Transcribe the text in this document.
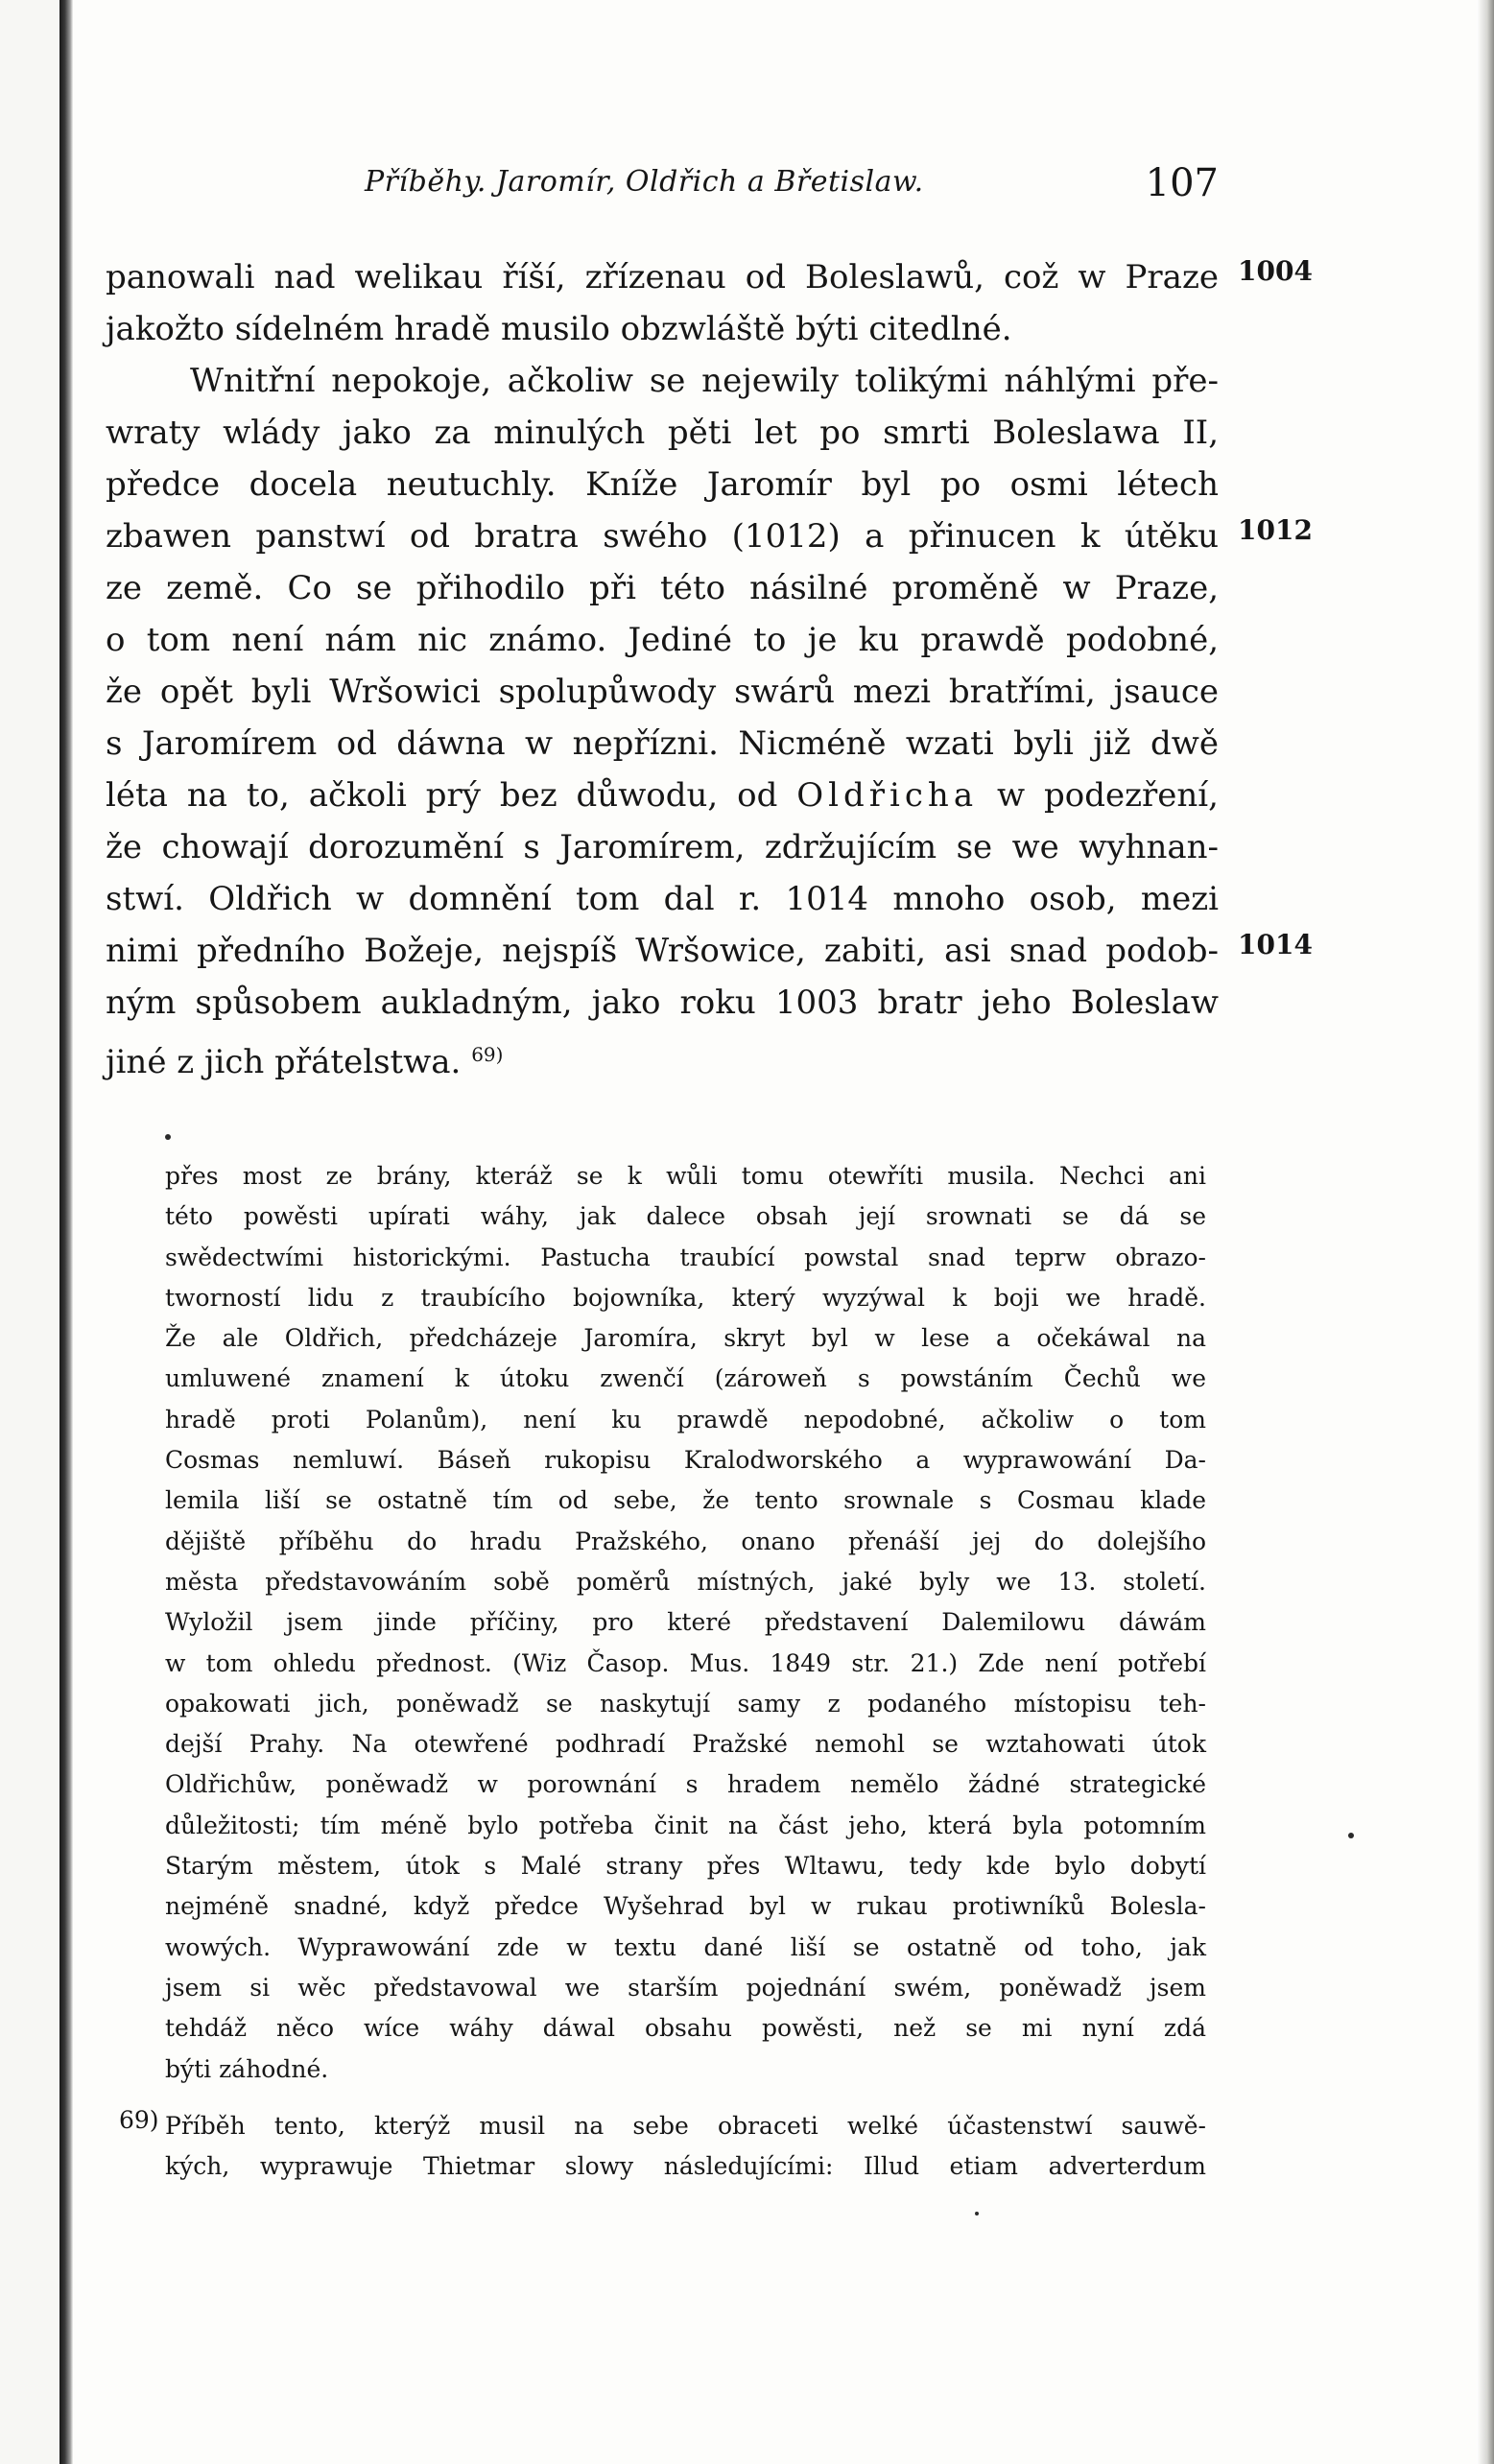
Příběhy. Jaromír, Oldřich a Břetislaw.	107
1004
1012
1014
panowali nad welikau říší, zřízenau od Boleslawů, což w Praze
jakožto sídelném hradě musilo obzwláště býti citedlné.
Wnitřní nepokoje, ačkoliw se nejewily tolikými náhlými pře-
wraty wlády jako za minulých pěti let po smrti Boleslawa II,
předce docela neutuchly. Kníže Jaromír byl po osmi létech
zbawen panstwí od bratra swého (1012) a přinucen k útěku
ze země. Co se přihodilo při této násilné proměně w Praze,
o tom není nám nic známo. Jediné to je ku prawdě podobné,
že opět byli Wršowici spolupůwody swárů mezi bratřími, jsauce
s Jaromírem od dáwna w nepřízni. Nicméně wzati byli již dwě
léta na to, ačkoli prý bez důwodu, od Oldřicha w podezření,
že chowají dorozumění s Jaromírem, zdržujícím se we wyhnan-
stwí. Oldřich w domnění tom dal r. 1014 mnoho osob, mezi
nimi předního Božeje, nejspíš Wršowice, zabiti, asi snad podob-
ným spůsobem aukladným, jako roku 1003 bratr jeho Boleslaw
jiné z jich přátelstwa. $^{69)}$
přes most ze brány, kteráž se k wůli tomu otewříti musila. Nechci ani
této powěsti upírati wáhy, jak dalece obsah její srownati se dá se
swědectwími historickými. Pastucha traubící powstal snad teprw obrazo-
tworností lidu z traubícího bojowníka, který wyzýwal k boji we hradě.
Že ale Oldřich, předcházeje Jaromíra, skryt byl w lese a očekáwal na
umluwené znamení k útoku zwenčí (zároweň s powstáním Čechů we
hradě proti Polanům), není ku prawdě nepodobné, ačkoliw o tom
Cosmas nemluwí. Báseň rukopisu Kralodworského a wyprawowání Da-
lemila liší se ostatně tím od sebe, že tento srownale s Cosmau klade
dějiště příběhu do hradu Pražského, onano přenáší jej do dolejšího
města představowáním sobě poměrů místných, jaké byly we 13. století.
Wyložil jsem jinde příčiny, pro které představení Dalemilowu dáwám
w tom ohledu přednost. (Wiz Časop. Mus. 1849 str. 21.) Zde není potřebí
opakowati jich, poněwadž se naskytují samy z podaného místopisu teh-
dejší Prahy. Na otewřené podhradí Pražské nemohl se wztahowati útok
Oldřichůw, poněwadž w porownání s hradem nemělo žádné strategické
důležitosti; tím méně bylo potřeba činit na část jeho, která byla potomním
Starým městem, útok s Malé strany přes Wltawu, tedy kde bylo dobytí
nejméně snadné, když předce Wyšehrad byl w rukau protiwníků Bolesla-
wowých. Wyprawowání zde w textu dané liší se ostatně od toho, jak
jsem si wěc představowal we starším pojednání swém, poněwadž jsem
tehdáž něco wíce wáhy dáwal obsahu powěsti, než se mi nyní zdá
býti záhodné.
69) Příběh tento, kterýž musil na sebe obraceti welké účastenstwí sauwě-
kých, wyprawuje Thietmar slowy následujícími: Illud etiam adverterdum
